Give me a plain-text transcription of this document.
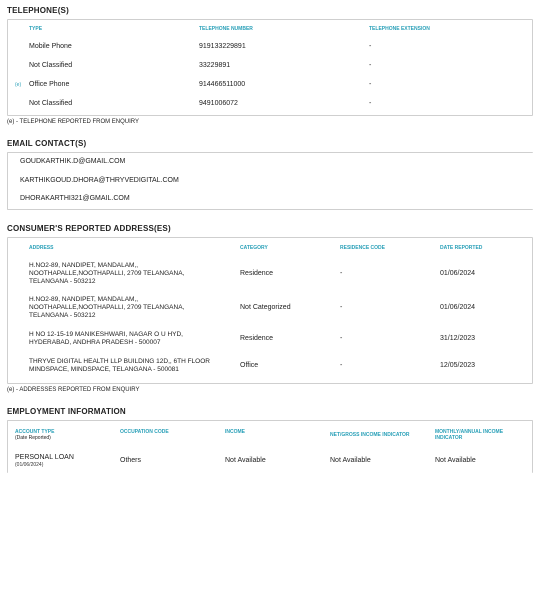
TELEPHONE(S)
TYPE	TELEPHONE NUMBER	TELEPHONE EXTENSION

Mobile Phone	919133229891	-

Not Classified	33229891	-

(e) Office Phone	914466511000	-

Not Classified	9491006072	-
(e) - TELEPHONE REPORTED FROM ENQUIRY
EMAIL CONTACT(S)
GOUDKARTHIK.D@GMAIL.COM
KARTHIKGOUD.DHORA@THRYVEDIGITAL.COM
DHORAKARTHI321@GMAIL.COM
CONSUMER'S REPORTED ADDRESS(ES)
ADDRESS	CATEGORY	RESIDENCE CODE	DATE REPORTED
H.NO2-89, NANDIPET, MANDALAM,, NOOTHAPALLE,NOOTHAPALLI, 2709 TELANGANA, TELANGANA - 503212	Residence	-	01/06/2024
H.NO2-89, NANDIPET, MANDALAM,, NOOTHAPALLE,NOOTHAPALLI, 2709 TELANGANA, TELANGANA - 503212	Not Categorized	-	01/06/2024
H NO 12-15-19 MANIKESHWARI, NAGAR O U HYD, HYDERABAD, ANDHRA PRADESH - 500007	Residence	-	31/12/2023
THRYVE DIGITAL HEALTH LLP BUILDING 12D,, 6TH FLOOR MINDSPACE, MINDSPACE, TELANGANA - 500081	Office	-	12/05/2023
(e) - ADDRESSES REPORTED FROM ENQUIRY
EMPLOYMENT INFORMATION
ACCOUNT TYPE
(Date Reported)	OCCUPATION CODE	INCOME	NET/GROSS INCOME INDICATOR	MONTHLY/ANNUAL INCOME INDICATOR
PERSONAL LOAN
(01/06/2024)	Others	Not Available	Not Available	Not Available
